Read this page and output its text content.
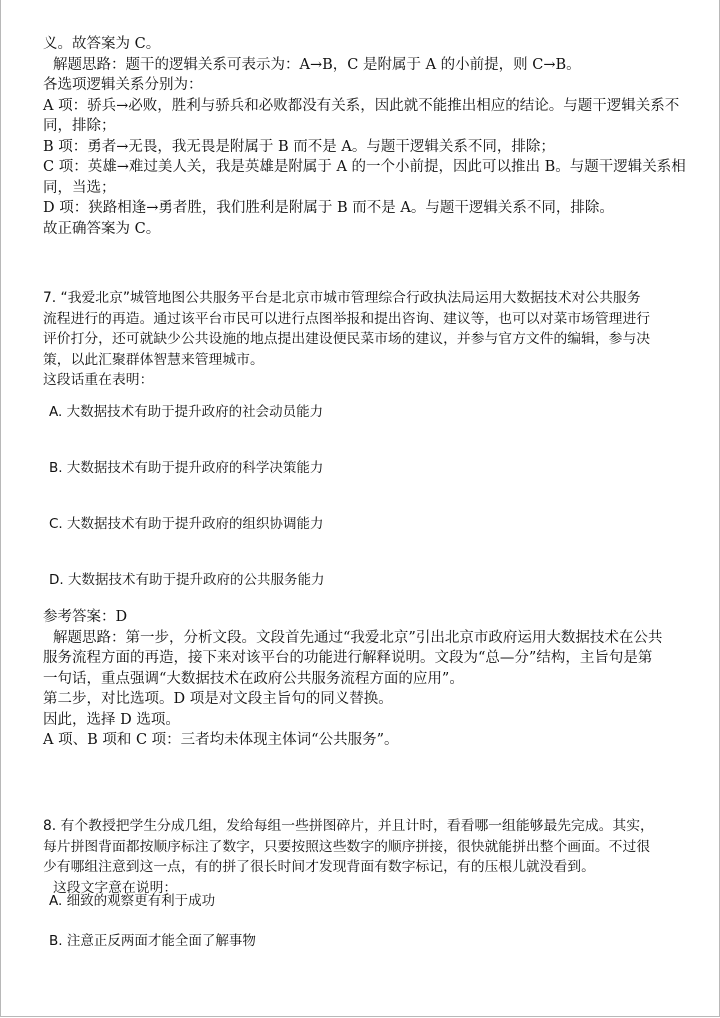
义。故答案为 C。
解题思路：题干的逻辑关系可表示为：A→B，C 是附属于 A 的小前提，则 C→B。
各选项逻辑关系分别为：
A 项：骄兵→必败，胜利与骄兵和必败都没有关系，因此就不能推出相应的结论。与题干逻辑关系不
同，排除；
B 项：勇者→无畏，我无畏是附属于 B 而不是 A。与题干逻辑关系不同，排除；
C 项：英雄→难过美人关，我是英雄是附属于 A 的一个小前提，因此可以推出 B。与题干逻辑关系相
同，当选；
D 项：狭路相逢→勇者胜，我们胜利是附属于 B 而不是 A。与题干逻辑关系不同，排除。
故正确答案为 C。
7. “我爱北京”城管地图公共服务平台是北京市城市管理综合行政执法局运用大数据技术对公共服务
流程进行的再造。通过该平台市民可以进行点图举报和提出咨询、建议等，也可以对菜市场管理进行
评价打分，还可就缺少公共设施的地点提出建设便民菜市场的建议，并参与官方文件的编辑，参与决
策，以此汇聚群体智慧来管理城市。
这段话重在表明：
A. 大数据技术有助于提升政府的社会动员能力
B. 大数据技术有助于提升政府的科学决策能力
C. 大数据技术有助于提升政府的组织协调能力
D. 大数据技术有助于提升政府的公共服务能力
参考答案：D
解题思路：第一步，分析文段。文段首先通过“我爱北京”引出北京市政府运用大数据技术在公共
服务流程方面的再造，接下来对该平台的功能进行解释说明。文段为“总—分”结构，主旨句是第
一句话，重点强调“大数据技术在政府公共服务流程方面的应用”。
第二步，对比选项。D 项是对文段主旨句的同义替换。
因此，选择 D 选项。
A 项、B 项和 C 项：三者均未体现主体词“公共服务”。
8. 有个教授把学生分成几组，发给每组一些拼图碎片，并且计时，看看哪一组能够最先完成。其实，
每片拼图背面都按顺序标注了数字，只要按照这些数字的顺序拼接，很快就能拼出整个画面。不过很
少有哪组注意到这一点，有的拼了很长时间才发现背面有数字标记，有的压根儿就没看到。
这段文字意在说明：
A. 细致的观察更有利于成功
B. 注意正反两面才能全面了解事物
